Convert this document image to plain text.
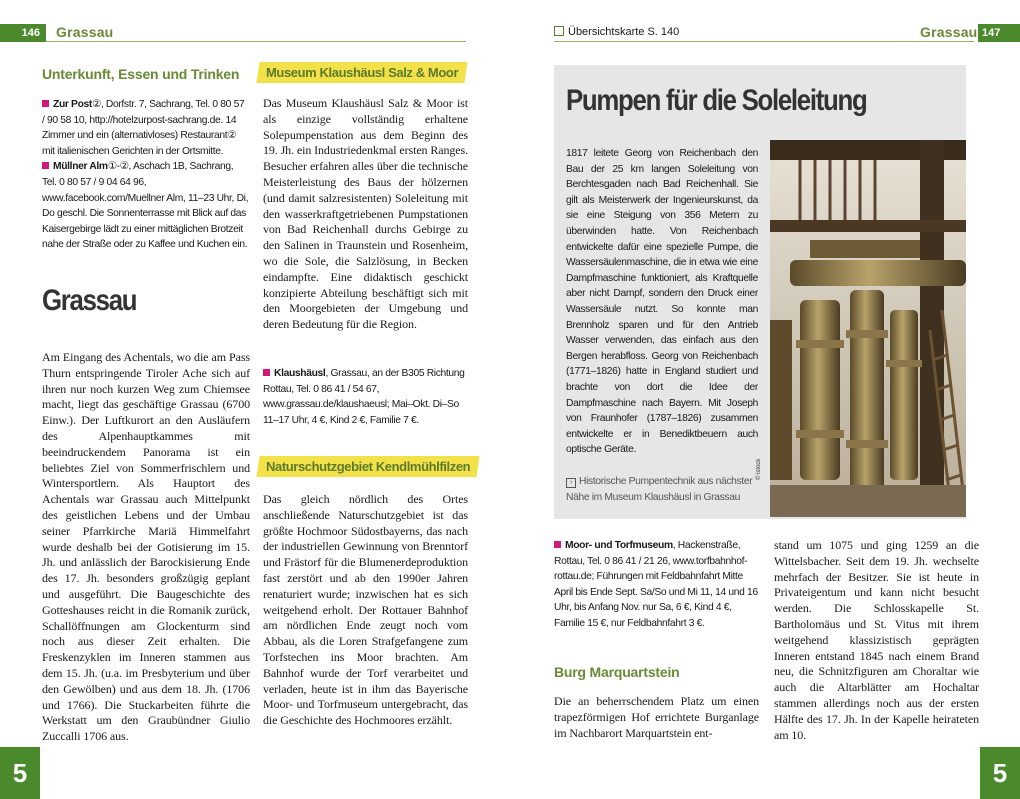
146	Grassau	Übersichtskarte S. 140	Grassau 147
Unterkunft, Essen und Trinken
Zur Post②, Dorfstr. 7, Sachrang, Tel. 0 80 57 / 90 58 10, http://hotelzurpost-sachrang.de. 14 Zimmer und ein (alternativloses) Restaurant② mit italienischen Gerichten in der Ortsmitte.
Müllner Alm①-②, Aschach 1B, Sachrang, Tel. 0 80 57 / 9 04 64 96, www.facebook.com/Muellner Alm, 11–23 Uhr, Di, Do geschl. Die Sonnenterrasse mit Blick auf das Kaisergebirge lädt zu einer mittäglichen Brotzeit nahe der Straße oder zu Kaffee und Kuchen ein.
Grassau
Am Eingang des Achentals, wo die am Pass Thurn entspringende Tiroler Ache sich auf ihren nur noch kurzen Weg zum Chiemsee macht, liegt das geschäftige Grassau (6700 Einw.). Der Luftkurort an den Ausläufern des Alpenhauptkammes mit beeindruckendem Panorama ist ein beliebtes Ziel von Sommerfrischlern und Wintersportlern. Als Hauptort des Achentals war Grassau auch Mittelpunkt des geistlichen Lebens und der Umbau seiner Pfarrkirche Mariä Himmelfahrt wurde deshalb bei der Gotisierung im 15. Jh. und anlässlich der Barockisierung Ende des 17. Jh. besonders großzügig geplant und ausgeführt. Die Baugeschichte des Gotteshauses reicht in die Romanik zurück, Schallöffnungen am Glockenturm sind noch aus dieser Zeit erhalten. Die Freskenzyklen im Inneren stammen aus dem 15. Jh. (u.a. im Presbyterium und über den Gewölben) und aus dem 18. Jh. (1706 und 1766). Die Stuckarbeiten führte die Werkstatt um den Graubündner Giulio Zuccalli 1706 aus.
Museum Klaushäusl Salz & Moor
Das Museum Klaushäusl Salz & Moor ist als einzige vollständig erhaltene Solepumpenstation aus dem Beginn des 19. Jh. ein Industriedenkmal ersten Ranges. Besucher erfahren alles über die technische Meisterleistung des Baus der hölzernen (und damit salzresistenten) Soleleitung mit den wasserkraftgetriebenen Pumpstationen von Bad Reichenhall durchs Gebirge zu den Salinen in Traunstein und Rosenheim, wo die Sole, die Salzlösung, in Becken eindampfte. Eine didaktisch geschickt konzipierte Abteilung beschäftigt sich mit den Moorgebieten der Umgebung und deren Bedeutung für die Region.
Klaushäusl, Grassau, an der B305 Richtung Rottau, Tel. 0 86 41 / 54 67, www.grassau.de/klaushaeusl; Mai–Okt. Di–So 11–17 Uhr, 4 €, Kind 2 €, Familie 7 €.
Naturschutzgebiet Kendlmühlfilzen
Das gleich nördlich des Ortes anschließende Naturschutzgebiet ist das größte Hochmoor Südostbayerns, das nach der industriellen Gewinnung von Brenntorf und Frästorf für die Blumenerdeproduktion fast zerstört und ab den 1990er Jahren renaturiert wurde; inzwischen hat es sich weitgehend erholt. Der Rottauer Bahnhof am nördlichen Ende zeugt noch vom Abbau, als die Loren Strafgefangene zum Torfstechen ins Moor brachten. Am Bahnhof wurde der Torf verarbeitet und verladen, heute ist in ihm das Bayerische Moor- und Torfmuseum untergebracht, das die Geschichte des Hochmoores erzählt.
Pumpen für die Soleleitung
1817 leitete Georg von Reichenbach den Bau der 25 km langen Soleleitung von Berchtesgaden nach Bad Reichenhall. Sie gilt als Meisterwerk der Ingenieurskunst, da sie eine Steigung von 356 Metern zu überwinden hatte. Von Reichenbach entwickelte dafür eine spezielle Pumpe, die Wassersäulenmaschine, die in etwa wie eine Dampfmaschine funktioniert, als Kraftquelle aber nicht Dampf, sondern den Druck einer Wassersäule nutzt. So konnte man Brennholz sparen und für den Antrieb Wasser verwenden, das einfach aus den Bergen herabfloss. Georg von Reichenbach (1771–1826) hatte in England studiert und brachte von dort die Idee der Dampfmaschine nach Bayern. Mit Joseph von Fraunhofer (1787–1826) zusammen entwickelte er in Benediktbeuern auch optische Geräte.
› Historische Pumpentechnik aus nächster Nähe im Museum Klaushäusl in Grassau
© istock
Moor- und Torfmuseum, Hackenstraße, Rottau, Tel. 0 86 41 / 21 26, www.torfbahnhof-rottau.de; Führungen mit Feldbahnfahrt Mitte April bis Ende Sept. Sa/So und Mi 11, 14 und 16 Uhr, bis Anfang Nov. nur Sa, 6 €, Kind 4 €, Familie 15 €, nur Feldbahnfahrt 3 €.
Burg Marquartstein
Die an beherrschendem Platz um einen trapezförmigen Hof errichtete Burganlage im Nachbarort Marquartstein ent-
stand um 1075 und ging 1259 an die Wittelsbacher. Seit dem 19. Jh. wechselte mehrfach der Besitzer. Sie ist heute in Privateigentum und kann nicht besucht werden. Die Schlosskapelle St. Bartholomäus und St. Vitus mit ihrem weitgehend klassizistisch geprägten Inneren entstand 1845 nach einem Brand neu, die Schnitzfiguren am Choraltar wie auch die Altarblätter am Hochaltar stammen allerdings noch aus der ersten Hälfte des 17. Jh. In der Kapelle heirateten am 10.
5	5
